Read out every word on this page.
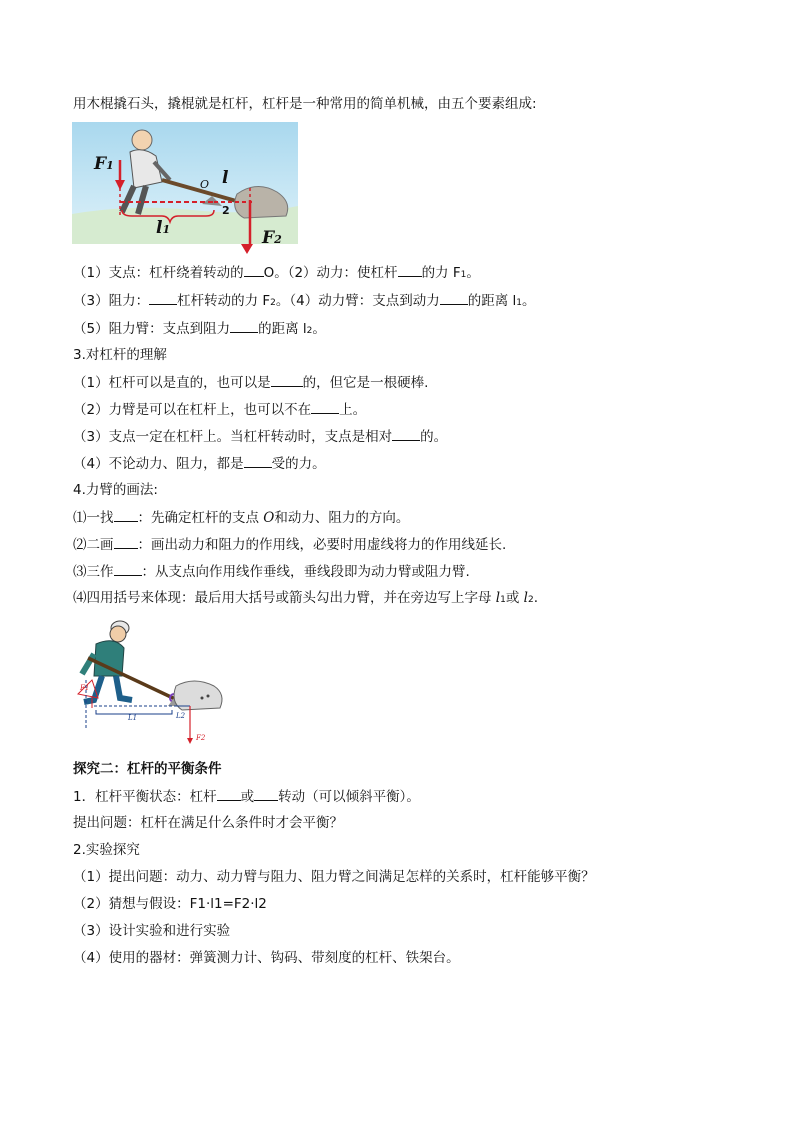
用木棍撬石头，撬棍就是杠杆，杠杆是一种常用的简单机械，由五个要素组成:
F1
O l
2
l1	F2
（1）支点：杠杆绕着转动的 O。（2）动力：使杠杆 的力 F1。
（3）阻力： 杠杆转动的力 F2。（4）动力臂：支点到动力 的距离 l1。
（5）阻力臂：支点到阻力 的距离 l2。
3.对杠杆的理解
（1）杠杆可以是直的，也可以是 的，但它是一根硬棒.
（2）力臂是可以在杠杆上，也可以不在 上。
（3）支点一定在杠杆上。当杠杆转动时，支点是相对 的。
（4）不论动力、阻力，都是 受的力。
4.力臂的画法:
⑴一找 ：先确定杠杆的支点 O和动力、阻力的方向。
⑵二画 ：画出动力和阻力的作用线，必要时用虚线将力的作用线延长.
⑶三作 ：从支点向作用线作垂线，垂线段即为动力臂或阻力臂.
⑷四用括号来体现：最后用大括号或箭头勾出力臂，并在旁边写上字母 l1或 l2.
F1
L1	L2
F2
探究二：杠杆的平衡条件
1．杠杆平衡状态：杠杆 或 转动（可以倾斜平衡）。
提出问题：杠杆在满足什么条件时才会平衡？
2.实验探究
（1）提出问题：动力、动力臂与阻力、阻力臂之间满足怎样的关系时，杠杆能够平衡？
（2）猜想与假设：F1·l1=F2·l2
（3）设计实验和进行实验
（4）使用的器材：弹簧测力计、钩码、带刻度的杠杆、铁架台。
